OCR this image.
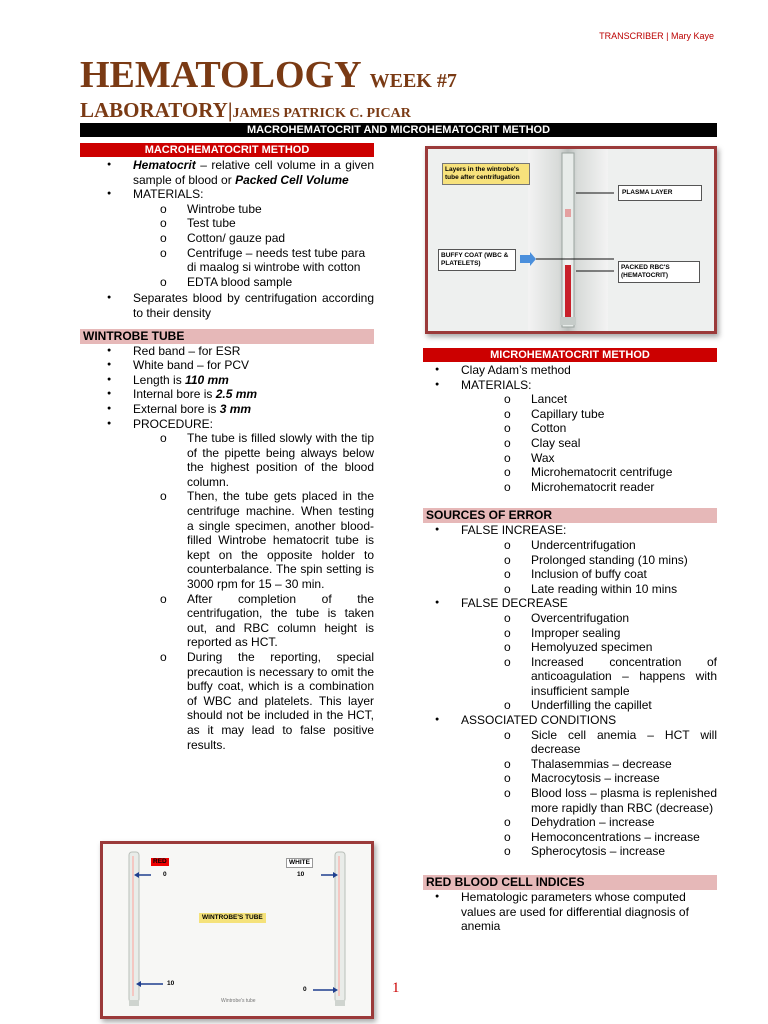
TRANSCRIBER | Mary Kaye
HEMATOLOGY WEEK #7
LABORATORY|JAMES PATRICK C. PICAR
MACROHEMATOCRIT AND MICROHEMATOCRIT METHOD
MACROHEMATOCRIT METHOD
● Hematocrit – relative cell volume in a given sample of blood or Packed Cell Volume
● MATERIALS:
o Wintrobe tube
o Test tube
o Cotton/ gauze pad
o Centrifuge – needs test tube para di maalog si wintrobe with cotton
o EDTA blood sample
● Separates blood by centrifugation according to their density
WINTROBE TUBE
● Red band – for ESR
● White band – for PCV
● Length is 110 mm
● Internal bore is 2.5 mm
● External bore is 3 mm
● PROCEDURE:
o The tube is filled slowly with the tip of the pipette being always below the highest position of the blood column.
o Then, the tube gets placed in the centrifuge machine. When testing a single specimen, another blood-filled Wintrobe hematocrit tube is kept on the opposite holder to counterbalance. The spin setting is 3000 rpm for 15 – 30 min.
o After completion of the centrifugation, the tube is taken out, and RBC column height is reported as HCT.
o During the reporting, special precaution is necessary to omit the buffy coat, which is a combination of WBC and platelets. This layer should not be included in the HCT, as it may lead to false positive results.
RED
0
WHITE
10
WINTROBE'S TUBE
10
0
Wintrobe's tube
Layers in the wintrobe's tube after centrifugation
PLASMA LAYER
BUFFY COAT (WBC & PLATELETS)
PACKED RBC'S (HEMATOCRIT)
MICROHEMATOCRIT METHOD
● Clay Adam’s method
● MATERIALS:
o Lancet
o Capillary tube
o Cotton
o Clay seal
o Wax
o Microhematocrit centrifuge
o Microhematocrit reader
SOURCES OF ERROR
● FALSE INCREASE:
o Undercentrifugation
o Prolonged standing (10 mins)
o Inclusion of buffy coat
o Late reading within 10 mins
● FALSE DECREASE
o Overcentrifugation
o Improper sealing
o Hemolyuzed specimen
o Increased concentration of anticoagulation – happens with insufficient sample
o Underfilling the capillet
● ASSOCIATED CONDITIONS
o Sicle cell anemia – HCT will decrease
o Thalasemmias – decrease
o Macrocytosis – increase
o Blood loss – plasma is replenished more rapidly than RBC (decrease)
o Dehydration – increase
o Hemoconcentrations – increase
o Spherocytosis – increase
RED BLOOD CELL INDICES
● Hematologic parameters whose computed values are used for differential diagnosis of anemia
1
